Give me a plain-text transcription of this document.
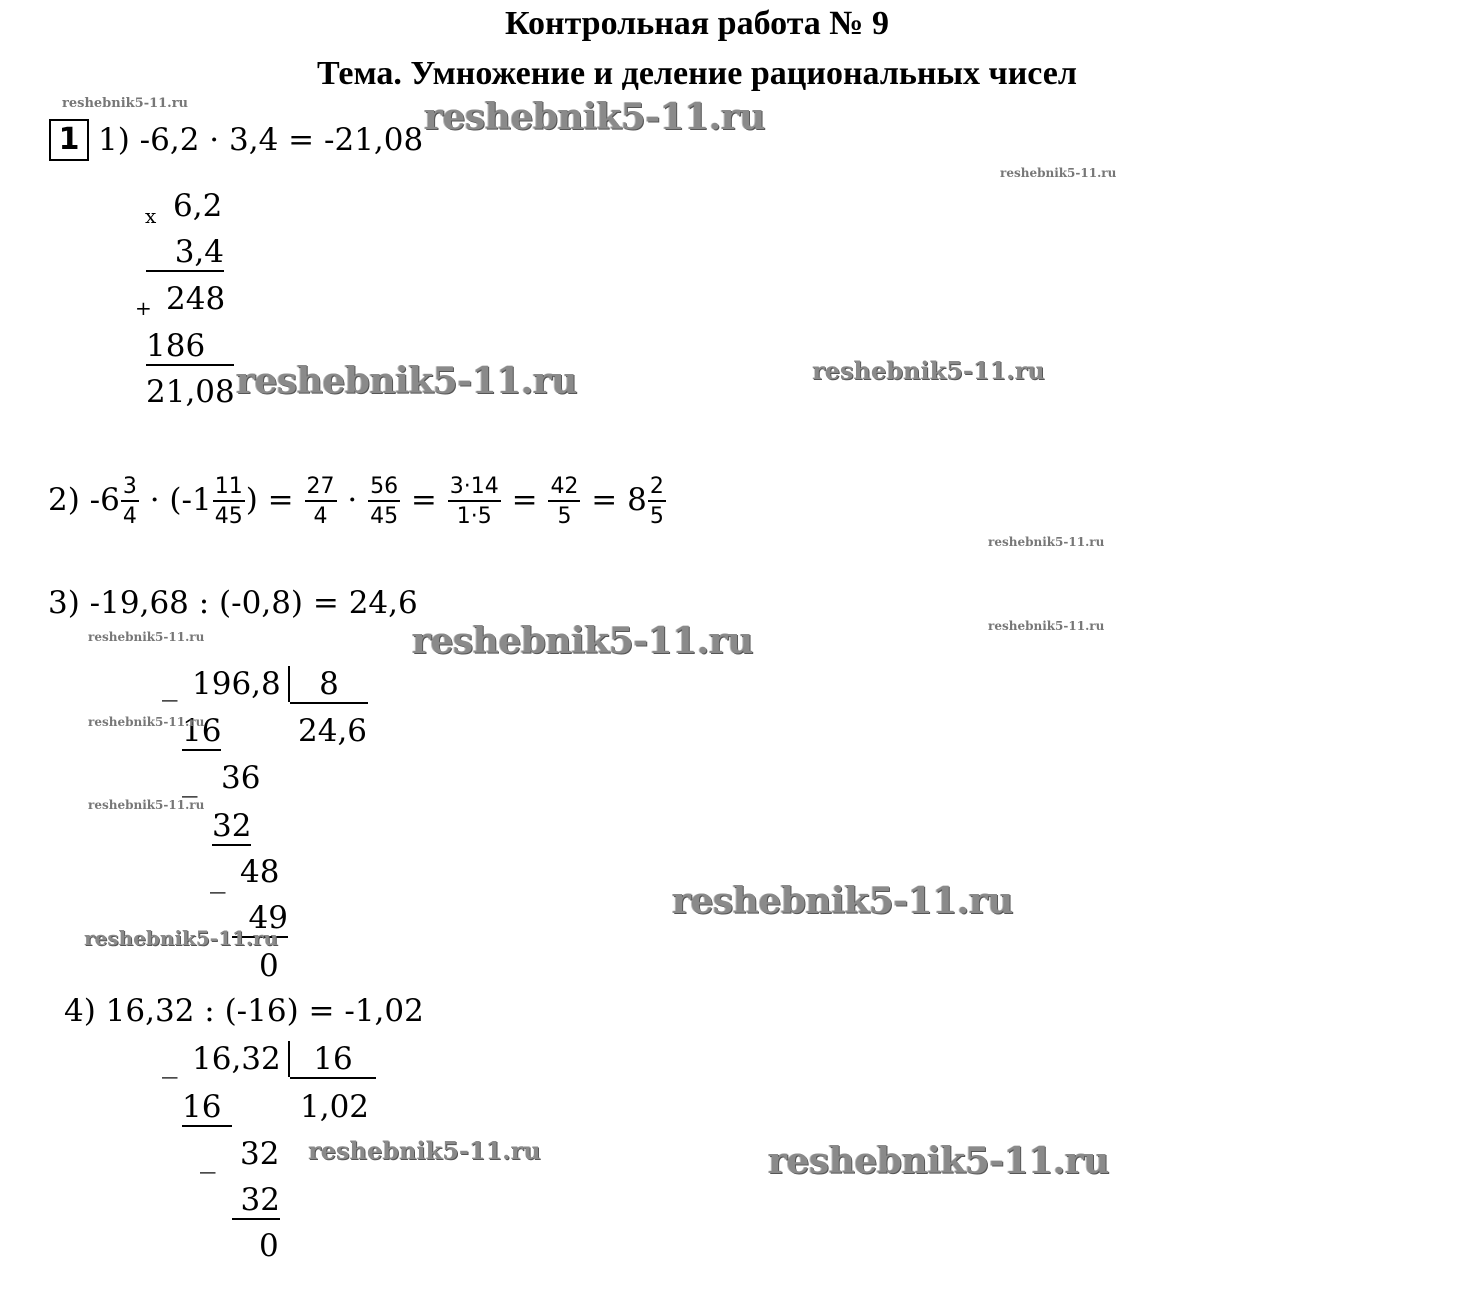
Контрольная работа № 9
Тема. Умножение и деление рациональных чисел
1 1) -6,2 · 3,4 = -21,08
x 6,2
3,4
+ 248
186
21,08
2) $-6 \frac{3}{4} \cdot (-1 \frac{11}{45}$ ) = $\frac{27}{4} \cdot \frac{56}{45} = \frac{3\cdot 14}{1\cdot 5} = \frac{42}{5} = 8 \frac{2}{5}$
3) -19,68 : (-0,8) = 24,6
_ 196,8	8
24,6
16
_ 36
32
_ 48
49
0
4) 16,32 : (-16) = -1,02
_ 16,32	16
1,02
16
_ 32
32
0
reshebnik5-11.ru	reshebnik5-11.ru
reshebnik5-11.ru
reshebnik5-11.ru	reshebnik5-11.ru
reshebnik5-11.ru
reshebnik5-11.ru	reshebnik5-11.ru	reshebnik5-11.ru
reshebnik5-11.ru
reshebnik5-11.ru
reshebnik5-11.ru
reshebnik5-11.ru
reshebnik5-11.ru	reshebnik5-11.ru
